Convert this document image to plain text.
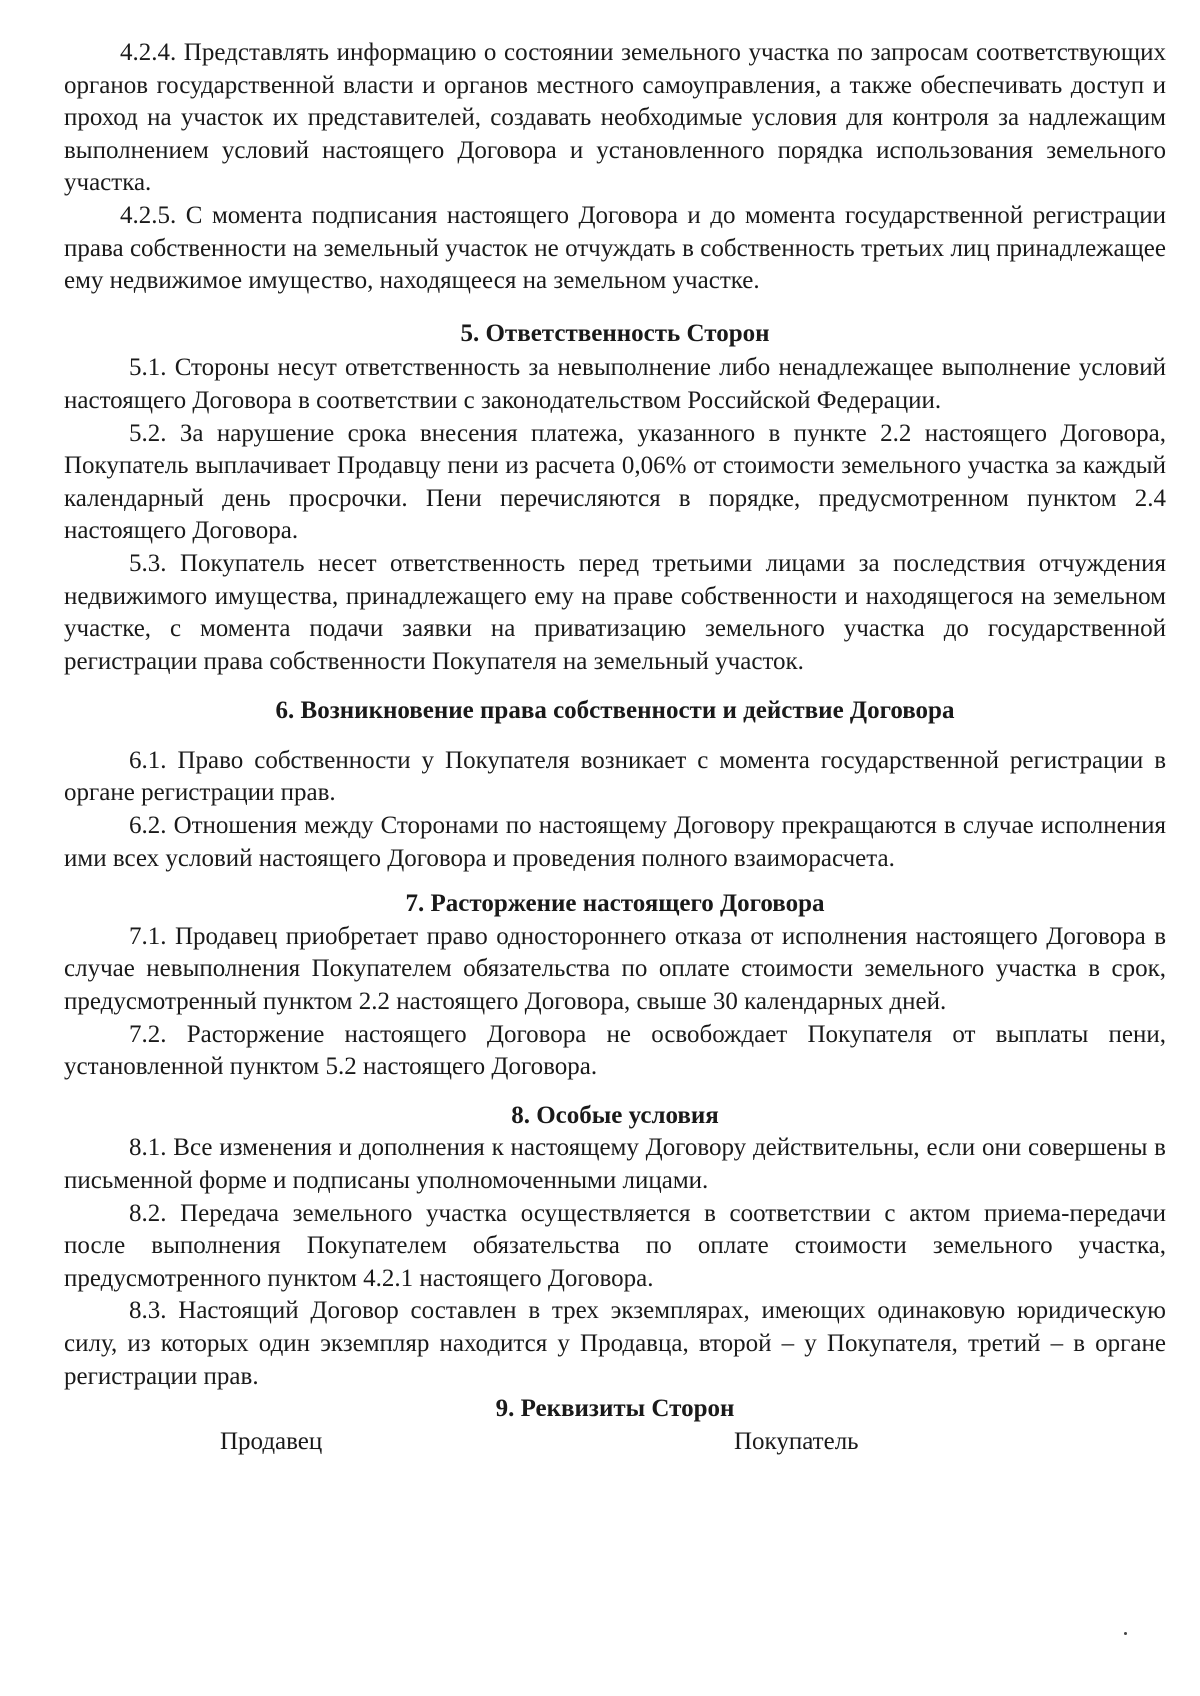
4.2.4. Представлять информацию о состоянии земельного участка по запросам соответствующих органов государственной власти и органов местного самоуправления, а также обеспечивать доступ и проход на участок их представителей, создавать необходимые условия для контроля за надлежащим выполнением условий настоящего Договора и установленного порядка использования земельного участка.

4.2.5. С момента подписания настоящего Договора и до момента государственной регистрации права собственности на земельный участок не отчуждать в собственность третьих лиц принадлежащее ему недвижимое имущество, находящееся на земельном участке.

5. Ответственность Сторон

5.1. Стороны несут ответственность за невыполнение либо ненадлежащее выполнение условий настоящего Договора в соответствии с законодательством Российской Федерации.

5.2. За нарушение срока внесения платежа, указанного в пункте 2.2 настоящего Договора, Покупатель выплачивает Продавцу пени из расчета 0,06% от стоимости земельного участка за каждый календарный день просрочки. Пени перечисляются в порядке, предусмотренном пунктом 2.4 настоящего Договора.

5.3. Покупатель несет ответственность перед третьими лицами за последствия отчуждения недвижимого имущества, принадлежащего ему на праве собственности и находящегося на земельном участке, с момента подачи заявки на приватизацию земельного участка до государственной регистрации права собственности Покупателя на земельный участок.

6. Возникновение права собственности и действие Договора

6.1. Право собственности у Покупателя возникает с момента государственной регистрации в органе регистрации прав.

6.2. Отношения между Сторонами по настоящему Договору прекращаются в случае исполнения ими всех условий настоящего Договора и проведения полного взаиморасчета.

7. Расторжение настоящего Договора

7.1. Продавец приобретает право одностороннего отказа от исполнения настоящего Договора в случае невыполнения Покупателем обязательства по оплате стоимости земельного участка в срок, предусмотренный пунктом 2.2 настоящего Договора, свыше 30 календарных дней.

7.2. Расторжение настоящего Договора не освобождает Покупателя от выплаты пени, установленной пунктом 5.2 настоящего Договора.

8. Особые условия

8.1. Все изменения и дополнения к настоящему Договору действительны, если они совершены в письменной форме и подписаны уполномоченными лицами.

8.2. Передача земельного участка осуществляется в соответствии с актом приема-передачи после выполнения Покупателем обязательства по оплате стоимости земельного участка, предусмотренного пунктом 4.2.1 настоящего Договора.

8.3. Настоящий Договор составлен в трех экземплярах, имеющих одинаковую юридическую силу, из которых один экземпляр находится у Продавца, второй – у Покупателя, третий – в органе регистрации прав.

9. Реквизиты Сторон
Продавец	Покупатель
